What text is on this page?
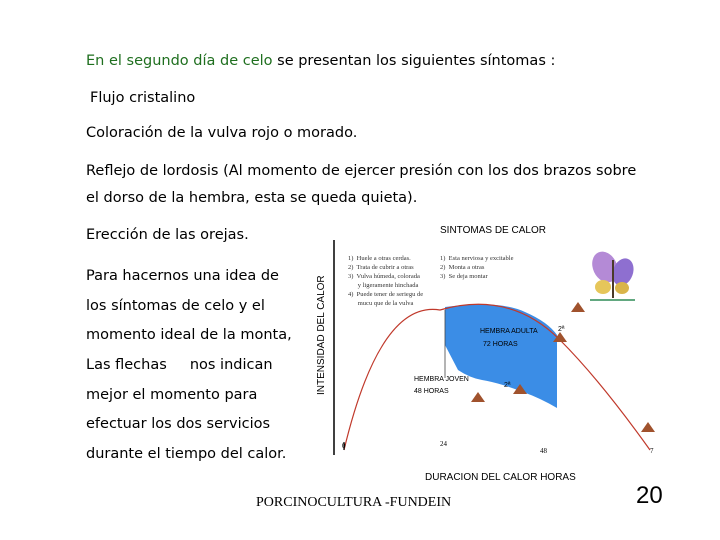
En el segundo día de celo se presentan los siguientes síntomas :
Flujo cristalino
Coloración de la vulva rojo o morado.
Reflejo de lordosis (Al momento de ejercer presión con los dos brazos sobre
el dorso de la hembra, esta se queda quieta).
Erección de las orejas.
Para hacernos una idea de
los síntomas de celo y el
momento ideal de la monta,
Las flechas     nos indican
mejor el momento para
efectuar los dos servicios
durante el tiempo del calor.
SINTOMAS DE CALOR
INTENSIDAD DEL CALOR
1)  Huele a otras cerdas.
2)  Trata de cubrir a otras
3)  Vulva húmeda, colorada
y ligeramente hinchada
4)  Puede tener de seriegu de
mucu que de la vulva
1)  Esta nerviosa y excitable
2)  Monta a otras
3)  Se deja montar
HEMBRA ADULTA
72 HORAS
2ª
HEMBRA JOVEN
48 HORAS
2ª
0	24
48	7
DURACION DEL CALOR HORAS
PORCINOCULTURA -FUNDEIN	20
